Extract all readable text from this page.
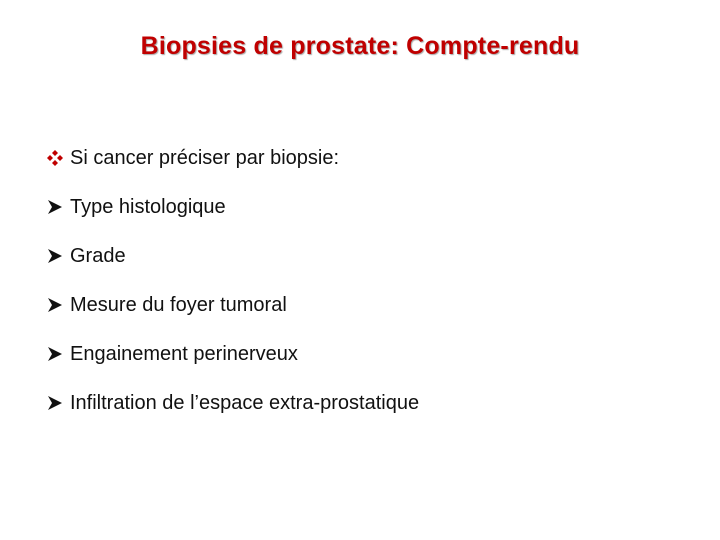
Biopsies de prostate: Compte-rendu
Si cancer préciser par biopsie:
Type histologique
Grade
Mesure du foyer tumoral
Engainement perinerveux
Infiltration de l’espace extra-prostatique
